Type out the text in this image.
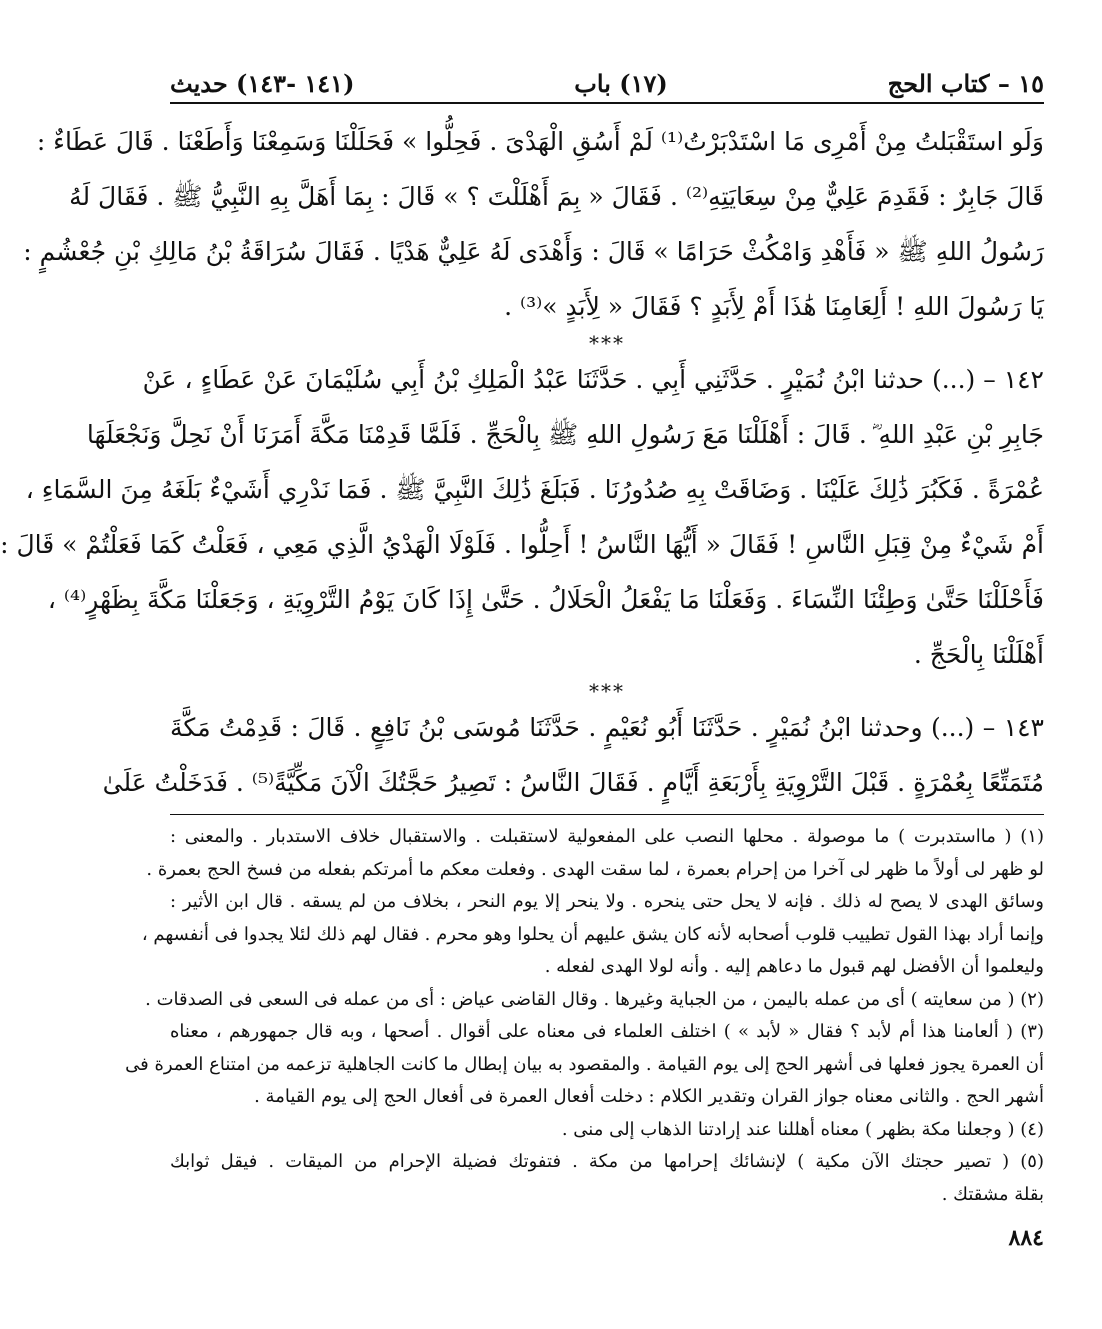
١٥ – كتاب الحج
(١٧) باب
(١٤١ -١٤٣) حديث
وَلَو استَقْبَلتُ مِنْ أَمْرِى مَا اسْتَدْبَرْتُ⁽¹⁾ لَمْ أَسُقِ الْهَدْىَ . فَحِلُّوا » فَحَلَلْنَا وَسَمِعْنَا وَأَطَعْنَا . قَالَ عَطَاءٌ :
قَالَ جَابِرٌ : فَقَدِمَ عَلِيٌّ مِنْ سِعَايَتِهِ⁽²⁾ . فَقَالَ « بِمَ أَهْلَلْتَ ؟ » قَالَ : بِمَا أَهَلَّ بِهِ النَّبِيُّ ﷺ . فَقَالَ لَهُ
رَسُولُ اللهِ ﷺ « فَأَهْدِ وَامْكُثْ حَرَامًا » قَالَ : وَأَهْدَى لَهُ عَلِيٌّ هَدْيًا . فَقَالَ سُرَاقَةُ بْنُ مَالِكِ بْنِ جُعْشُمٍ :
يَا رَسُولَ اللهِ ! أَلِعَامِنَا هَٰذَا أَمْ لِأَبَدٍ ؟ فَقَالَ « لِأَبَدٍ »⁽³⁾ .
***
١٤٢ – (...) حدثنا ابْنُ نُمَيْرٍ . حَدَّثَنِي أَبِي . حَدَّثَنَا عَبْدُ الْمَلِكِ بْنُ أَبِي سُلَيْمَانَ عَنْ عَطَاءٍ ، عَنْ
جَابِرِ بْنِ عَبْدِ اللهِ ؓ . قَالَ : أَهْلَلْنَا مَعَ رَسُولِ اللهِ ﷺ بِالْحَجِّ . فَلَمَّا قَدِمْنَا مَكَّةَ أَمَرَنَا أَنْ نَحِلَّ وَنَجْعَلَهَا
عُمْرَةً . فَكَبُرَ ذَٰلِكَ عَلَيْنَا . وَضَاقَتْ بِهِ صُدُورُنَا . فَبَلَغَ ذَٰلِكَ النَّبِيَّ ﷺ . فَمَا نَدْرِي أَشَيْءٌ بَلَغَهُ مِنَ السَّمَاءِ ،
أَمْ شَيْءٌ مِنْ قِبَلِ النَّاسِ ! فَقَالَ « أَيُّهَا النَّاسُ ! أَحِلُّوا . فَلَوْلَا الْهَدْيُ الَّذِي مَعِي ، فَعَلْتُ كَمَا فَعَلْتُمْ » قَالَ :
فَأَحْلَلْنَا حَتَّىٰ وَطِئْنَا النِّسَاءَ . وَفَعَلْنَا مَا يَفْعَلُ الْحَلَالُ . حَتَّىٰ إِذَا كَانَ يَوْمُ التَّرْوِيَةِ ، وَجَعَلْنَا مَكَّةَ بِظَهْرٍ⁽⁴⁾ ،
أَهْلَلْنَا بِالْحَجِّ .
***
١٤٣ – (...) وحدثنا ابْنُ نُمَيْرٍ . حَدَّثَنَا أَبُو نُعَيْمٍ . حَدَّثَنَا مُوسَى بْنُ نَافِعٍ . قَالَ : قَدِمْتُ مَكَّةَ
مُتَمَتِّعًا بِعُمْرَةٍ . قَبْلَ التَّرْوِيَةِ بِأَرْبَعَةِ أَيَّامٍ . فَقَالَ النَّاسُ : تَصِيرُ حَجَّتُكَ الْآنَ مَكِّيَّةً⁽⁵⁾ . فَدَخَلْتُ عَلَىٰ
(١) ( مااستدبرت ) ما موصولة . محلها النصب على المفعولية لاستقبلت . والاستقبال خلاف الاستدبار . والمعنى :
لو ظهر لى أولاً ما ظهر لى آخرا من إحرام بعمرة ، لما سقت الهدى . وفعلت معكم ما أمرتكم بفعله من فسخ الحج بعمرة .
وسائق الهدى لا يصح له ذلك . فإنه لا يحل حتى ينحره . ولا ينحر إلا يوم النحر ، بخلاف من لم يسقه . قال ابن الأثير :
وإنما أراد بهذا القول تطييب قلوب أصحابه لأنه كان يشق عليهم أن يحلوا وهو محرم . فقال لهم ذلك لئلا يجدوا فى أنفسهم ،
وليعلموا أن الأفضل لهم قبول ما دعاهم إليه . وأنه لولا الهدى لفعله .
(٢) ( من سعايته ) أى من عمله باليمن ، من الجباية وغيرها . وقال القاضى عياض : أى من عمله فى السعى فى الصدقات .
(٣) ( ألعامنا هذا أم لأبد ؟ فقال « لأبد » ) اختلف العلماء فى معناه على أقوال . أصحها ، وبه قال جمهورهم ، معناه
أن العمرة يجوز فعلها فى أشهر الحج إلى يوم القيامة . والمقصود به بيان إبطال ما كانت الجاهلية تزعمه من امتناع العمرة فى
أشهر الحج . والثانى معناه جواز القران وتقدير الكلام : دخلت أفعال العمرة فى أفعال الحج إلى يوم القيامة .
(٤) ( وجعلنا مكة بظهر ) معناه أهللنا عند إرادتنا الذهاب إلى منى .
(٥) ( تصير حجتك الآن مكية ) لإنشائك إحرامها من مكة . فتفوتك فضيلة الإحرام من الميقات . فيقل ثوابك
بقلة مشقتك .
٨٨٤
